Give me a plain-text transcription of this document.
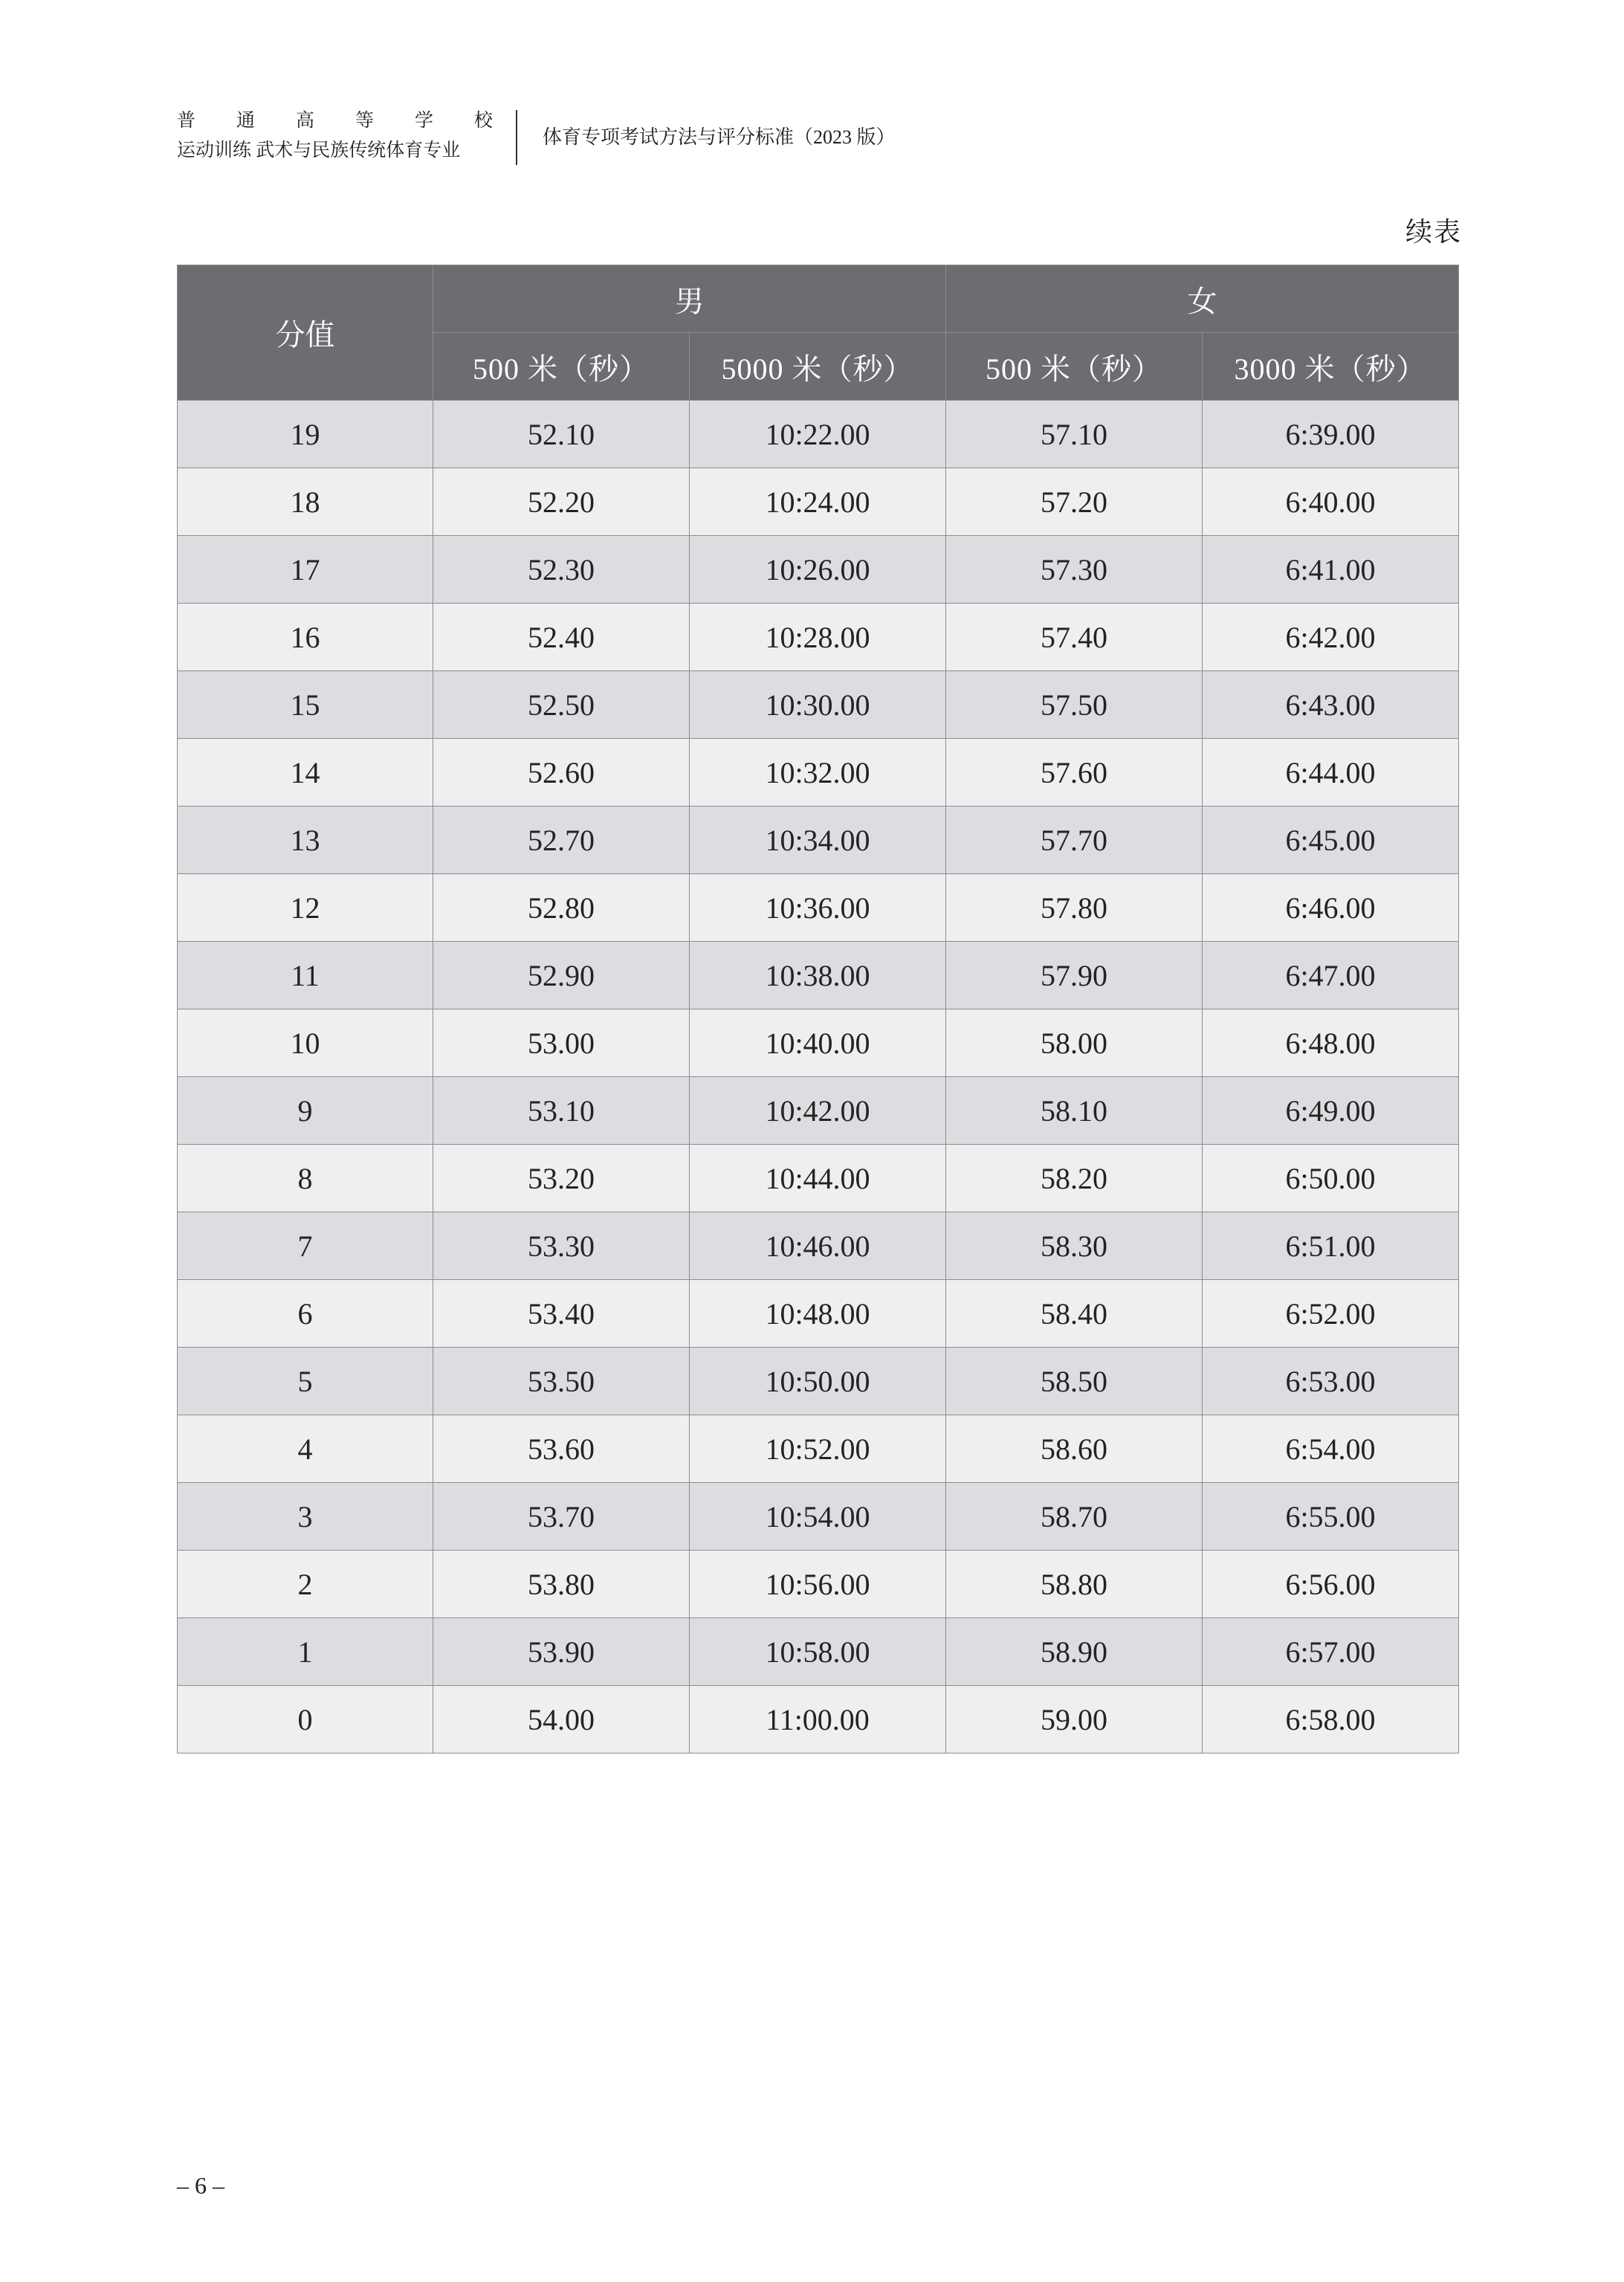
普 通 高 等 学 校
运动训练 武术与民族传统体育专业
体育专项考试方法与评分标准（2023 版）
续表
分值	男		女	
	500 米（秒）	5000 米（秒）	500 米（秒）	3000 米（秒）
19	52.10	10:22.00	57.10	6:39.00
18	52.20	10:24.00	57.20	6:40.00
17	52.30	10:26.00	57.30	6:41.00
16	52.40	10:28.00	57.40	6:42.00
15	52.50	10:30.00	57.50	6:43.00
14	52.60	10:32.00	57.60	6:44.00
13	52.70	10:34.00	57.70	6:45.00
12	52.80	10:36.00	57.80	6:46.00
11	52.90	10:38.00	57.90	6:47.00
10	53.00	10:40.00	58.00	6:48.00
9	53.10	10:42.00	58.10	6:49.00
8	53.20	10:44.00	58.20	6:50.00
7	53.30	10:46.00	58.30	6:51.00
6	53.40	10:48.00	58.40	6:52.00
5	53.50	10:50.00	58.50	6:53.00
4	53.60	10:52.00	58.60	6:54.00
3	53.70	10:54.00	58.70	6:55.00
2	53.80	10:56.00	58.80	6:56.00
1	53.90	10:58.00	58.90	6:57.00
0	54.00	11:00.00	59.00	6:58.00
– 6 –
